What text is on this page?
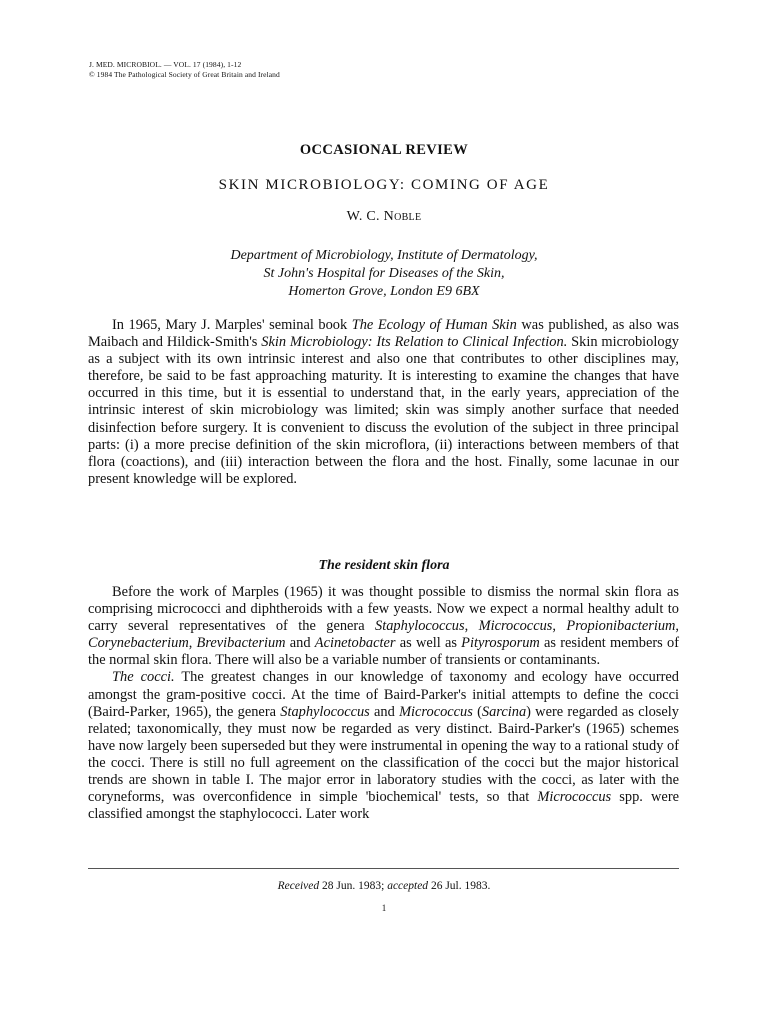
J. MED. MICROBIOL. — VOL. 17 (1984), 1-12
© 1984 The Pathological Society of Great Britain and Ireland
OCCASIONAL REVIEW
SKIN MICROBIOLOGY: COMING OF AGE
W. C. Noble
Department of Microbiology, Institute of Dermatology,
St John's Hospital for Diseases of the Skin,
Homerton Grove, London E9 6BX

In 1965, Mary J. Marples' seminal book The Ecology of Human Skin was published, as also was Maibach and Hildick-Smith's Skin Microbiology: Its Relation to Clinical Infection. Skin microbiology as a subject with its own intrinsic interest and also one that contributes to other disciplines may, therefore, be said to be fast approaching maturity. It is interesting to examine the changes that have occurred in this time, but it is essential to understand that, in the early years, appreciation of the intrinsic interest of skin microbiology was limited; skin was simply another surface that needed disinfection before surgery. It is convenient to discuss the evolution of the subject in three principal parts: (i) a more precise definition of the skin microflora, (ii) interactions between members of that flora (coactions), and (iii) interaction between the flora and the host. Finally, some lacunae in our present knowledge will be explored.

The resident skin flora

Before the work of Marples (1965) it was thought possible to dismiss the normal skin flora as comprising micrococci and diphtheroids with a few yeasts. Now we expect a normal healthy adult to carry several representatives of the genera Staphylococcus, Micrococcus, Propionibacterium, Corynebacterium, Brevibacterium and Acinetobacter as well as Pityrosporum as resident members of the normal skin flora. There will also be a variable number of transients or contaminants.

The cocci. The greatest changes in our knowledge of taxonomy and ecology have occurred amongst the gram-positive cocci. At the time of Baird-Parker's initial attempts to define the cocci (Baird-Parker, 1965), the genera Staphylococcus and Micrococcus (Sarcina) were regarded as closely related; taxonomically, they must now be regarded as very distinct. Baird-Parker's (1965) schemes have now largely been superseded but they were instrumental in opening the way to a rational study of the cocci. There is still no full agreement on the classification of the cocci but the major historical trends are shown in table I. The major error in laboratory studies with the cocci, as later with the coryneforms, was overconfidence in simple 'biochemical' tests, so that Micrococcus spp. were classified amongst the staphylococci. Later work

Received 28 Jun. 1983; accepted 26 Jul. 1983.
1
